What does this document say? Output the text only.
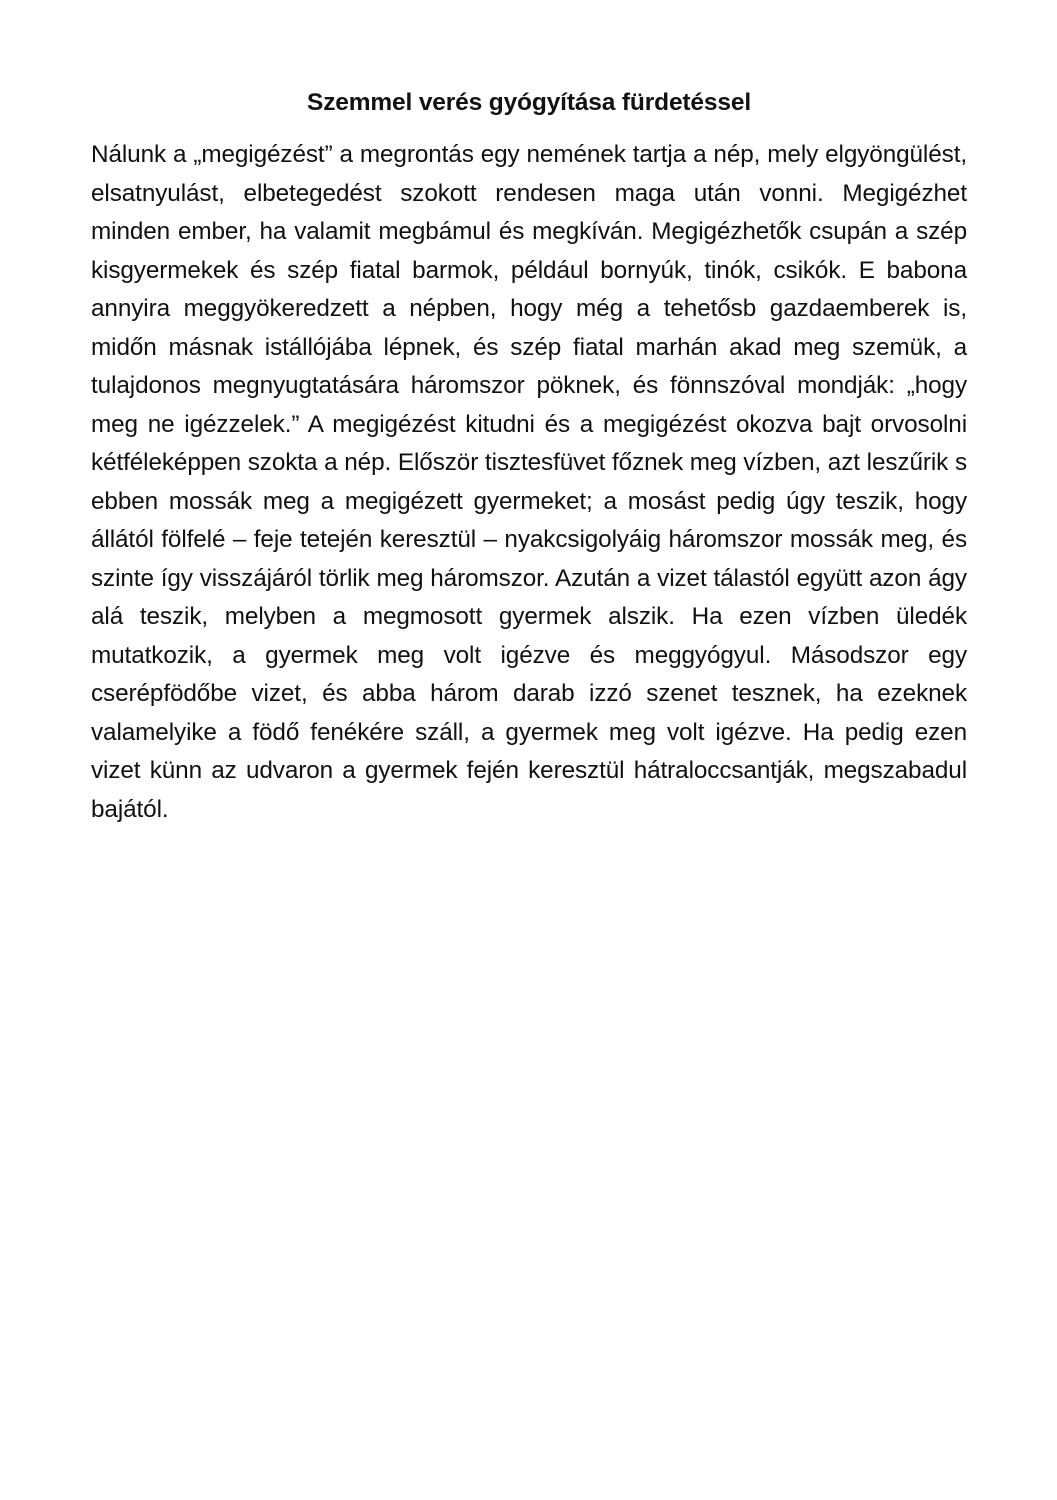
Szemmel verés gyógyítása fürdetéssel

Nálunk a „megigézést” a megrontás egy nemének tartja a nép, mely elgyöngülést, elsatnyulást, elbetegedést szokott rendesen maga után vonni. Megigézhet minden ember, ha valamit megbámul és megkíván. Megigézhetők csupán a szép kisgyermekek és szép fiatal barmok, például bornyúk, tinók, csikók. E babona annyira meggyökeredzett a népben, hogy még a tehetősb gazdaemberek is, midőn másnak istállójába lépnek, és szép fiatal marhán akad meg szemük, a tulajdonos megnyugtatására háromszor pöknek, és fönnszóval mondják: „hogy meg ne igézzelek.” A megigézést kitudni és a megigézést okozva bajt orvosolni kétféleképpen szokta a nép. Először tisztesfüvet főznek meg vízben, azt leszűrik s ebben mossák meg a megigézett gyermeket; a mosást pedig úgy teszik, hogy állától fölfelé – feje tetején keresztül – nyakcsigolyáig háromszor mossák meg, és szinte így visszájáról törlik meg háromszor. Azután a vizet tálastól együtt azon ágy alá teszik, melyben a megmosott gyermek alszik. Ha ezen vízben üledék mutatkozik, a gyermek meg volt igézve és meggyógyul. Másodszor egy cserépfödőbe vizet, és abba három darab izzó szenet tesznek, ha ezeknek valamelyike a födő fenékére száll, a gyermek meg volt igézve. Ha pedig ezen vizet künn az udvaron a gyermek fején keresztül hátraloccsantják, megszabadul bajától.
